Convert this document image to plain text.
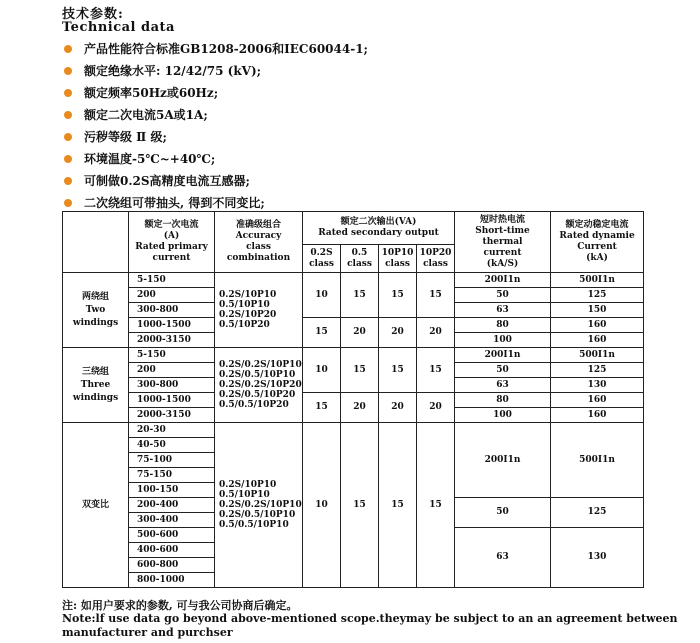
技术参数:
Technical data
产品性能符合标准GB1208-2006和IEC60044-1;
额定绝缘水平: 12/42/75 (kV);
额定频率50Hz或60Hz;
额定二次电流5A或1A;
污秽等级 Ⅱ 级;
环境温度-5℃~+40℃;
可制做0.2S高精度电流互感器;
二次绕组可带抽头, 得到不同变比;
	额定一次电流
(A)
Rated primary
current	准确级组合
Accuracy
class
combination	额定二次输出(VA)
Rated secondary output				短时热电流
Short-time
thermal
current
(kA/S)	额定动稳定电流
Rated dynamie
Current
(kA)
			0.2S
class	0.5
class	10P10
class	10P20
class		
两绕组
Two
windings	5-150	0.2S/10P10
0.5/10P10
0.2S/10P20
0.5/10P20	10	15	15	15	200I1n	500I1n
	200						50	125
	300-800						63	150
	1000-1500		15	20	20	20	80	160
	2000-3150						100	160
三绕组
Three
windings	5-150	0.2S/0.2S/10P10
0.2S/0.5/10P10
0.2S/0.2S/10P20
0.2S/0.5/10P20
0.5/0.5/10P20	10	15	15	15	200I1n	500I1n
	200						50	125
	300-800						63	130
	1000-1500		15	20	20	20	80	160
	2000-3150						100	160
双变比	20-30	0.2S/10P10
0.5/10P10
0.2S/0.2S/10P10
0.2S/0.5/10P10
0.5/0.5/10P10	10	15	15	15	200I1n	500I1n
	40-50							
	75-100							
	75-150							
	100-150							
	200-400						50	125
	300-400							
	500-600						63	130
	400-600							
	600-800							
	800-1000							
注: 如用户要求的参数, 可与我公司协商后确定。
Note:lf use data go beyond above-mentioned scope.theymay be subject to an an agreement between manufacturer and purchser
